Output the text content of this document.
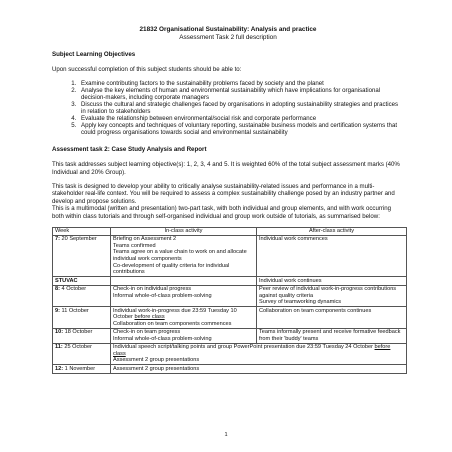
21832 Organisational Sustainability: Analysis and practice
Assessment Task 2 full description
Subject Learning Objectives

Upon successful completion of this subject students should be able to:

1. Examine contributing factors to the sustainability problems faced by society and the planet
2. Analyse the key elements of human and environmental sustainability which have implications for organisational decision-makers, including corporate managers
3. Discuss the cultural and strategic challenges faced by organisations in adopting sustainability strategies and practices in relation to stakeholders
4. Evaluate the relationship between environmental/social risk and corporate performance
5. Apply key concepts and techniques of voluntary reporting, sustainable business models and certification systems that could progress organisations towards social and environmental sustainability
Assessment task 2: Case Study Analysis and Report

This task addresses subject learning objective(s): 1, 2, 3, 4 and 5. It is weighted 60% of the total subject assessment marks (40% Individual and 20% Group).

This task is designed to develop your ability to critically analyse sustainability-related issues and performance in a multi-stakeholder real-life context. You will be required to assess a complex sustainability challenge posed by an industry partner and develop and propose solutions.

This is a multimodal (written and presentation) two-part task, with both individual and group elements, and with work occurring both within class tutorials and through self-organised individual and group work outside of tutorials, as summarised below:

Week	In-class activity	After-class activity
7: 20 September	Briefing on Assessment 2
Teams confirmed
Teams agree on a value chain to work on and allocate individual work components
Co-development of quality criteria for individual contributions	Individual work commences

STUVAC		Individual work continues

8: 4 October	Check-in on individual progress
Informal whole-of-class problem-solving	Peer review of individual work-in-progress contributions against quality criteria
Survey of teamworking dynamics

9: 11 October	Individual work-in-progress due 23:59 Tuesday 10 October before class
Collaboration on team components commences	Collaboration on team components continues

10: 18 October	Check-in on team progress
Informal whole-of-class problem-solving	Teams informally present and receive formative feedback from their 'buddy' teams

11: 25 October	Individual speech script/talking points and group PowerPoint presentation due 23:59 Tuesday 24 October before class
Assessment 2 group presentations	

12: 1 November	Assessment 2 group presentations	
1
